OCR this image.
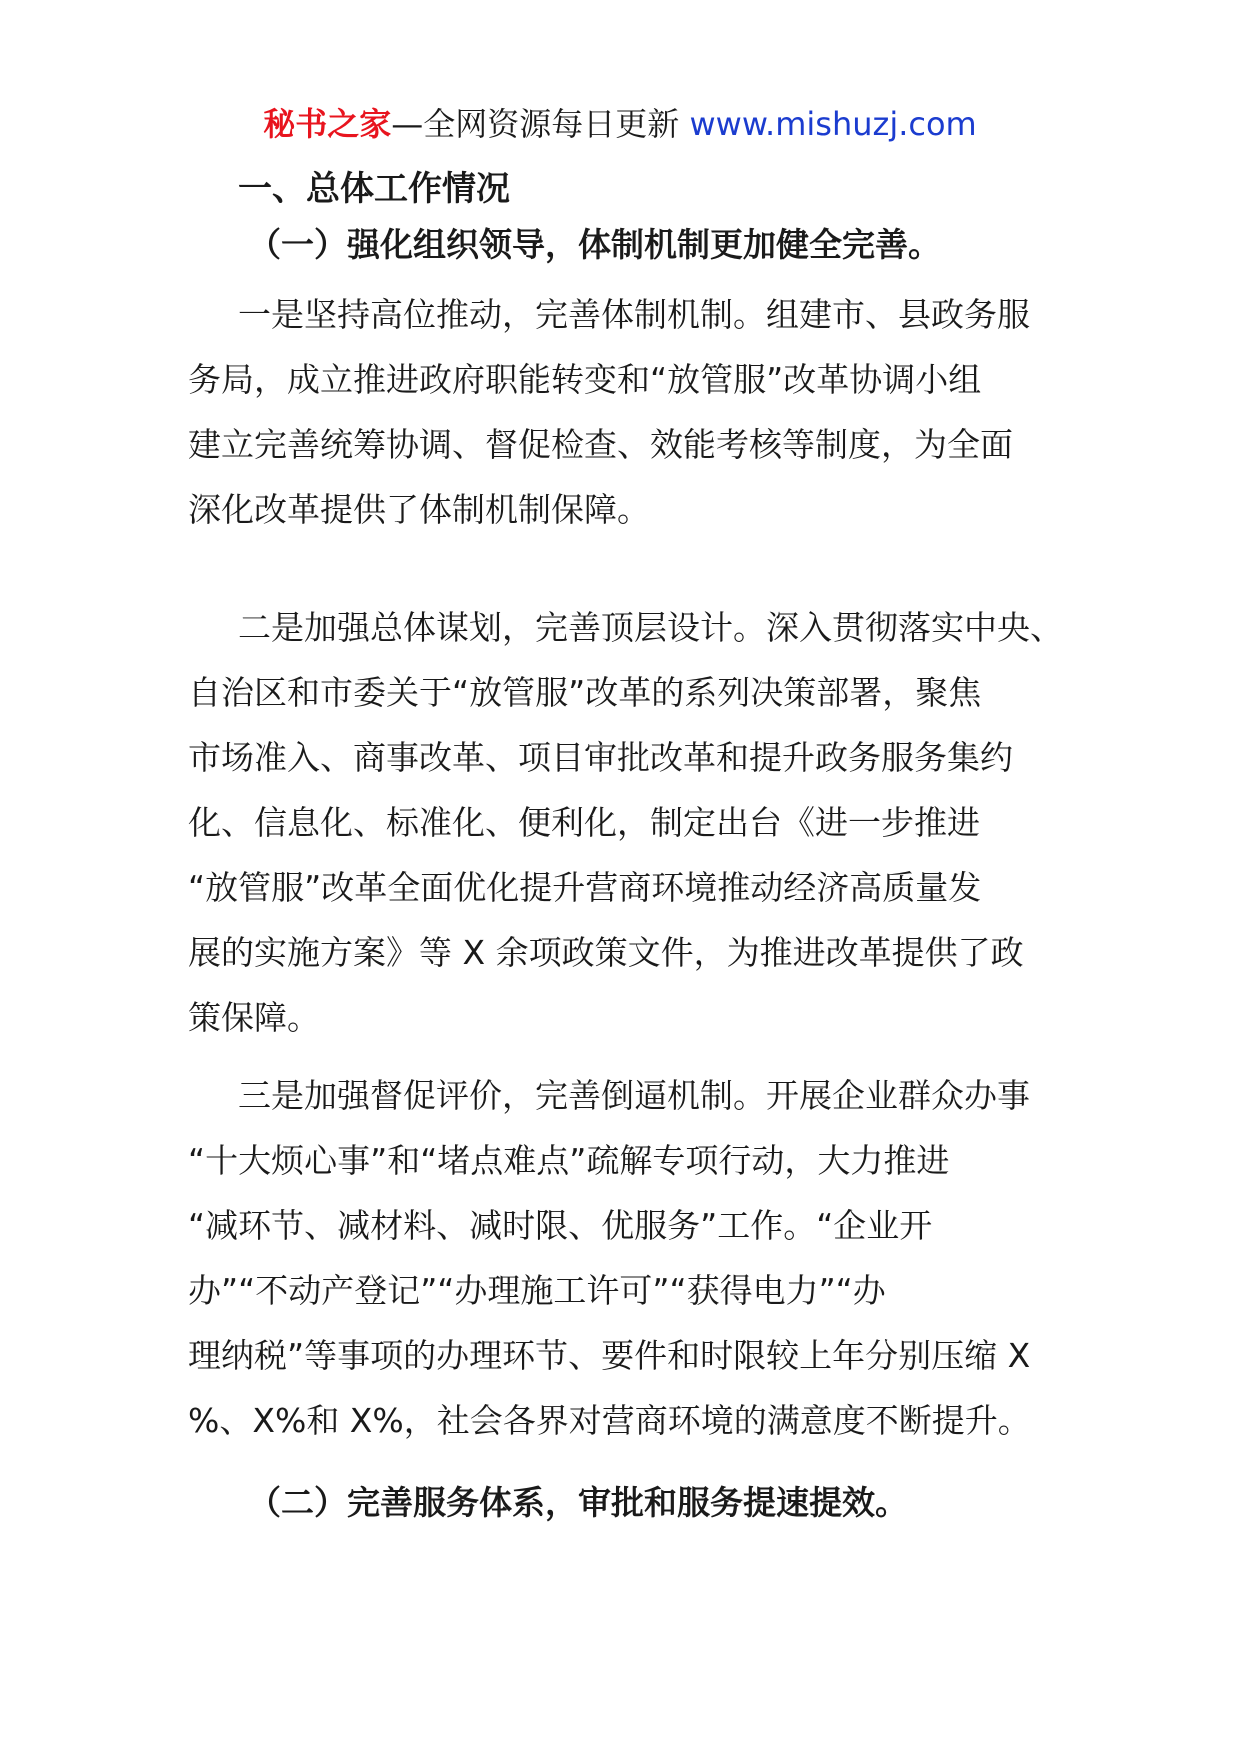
秘书之家—全网资源每日更新 www.mishuzj.com
一、总体工作情况
（一）强化组织领导，体制机制更加健全完善。
一是坚持高位推动，完善体制机制。组建市、县政务服
务局，成立推进政府职能转变和“放管服”改革协调小组
建立完善统筹协调、督促检查、效能考核等制度，为全面
深化改革提供了体制机制保障。
二是加强总体谋划，完善顶层设计。深入贯彻落实中央、
自治区和市委关于“放管服”改革的系列决策部署，聚焦
市场准入、商事改革、项目审批改革和提升政务服务集约
化、信息化、标准化、便利化，制定出台《进一步推进
“放管服”改革全面优化提升营商环境推动经济高质量发
展的实施方案》等 X 余项政策文件，为推进改革提供了政
策保障。
三是加强督促评价，完善倒逼机制。开展企业群众办事
“十大烦心事”和“堵点难点”疏解专项行动，大力推进
“减环节、减材料、减时限、优服务”工作。“企业开
办”“不动产登记”“办理施工许可”“获得电力”“办
理纳税”等事项的办理环节、要件和时限较上年分别压缩 X
%、X%和 X%，社会各界对营商环境的满意度不断提升。
（二）完善服务体系，审批和服务提速提效。
